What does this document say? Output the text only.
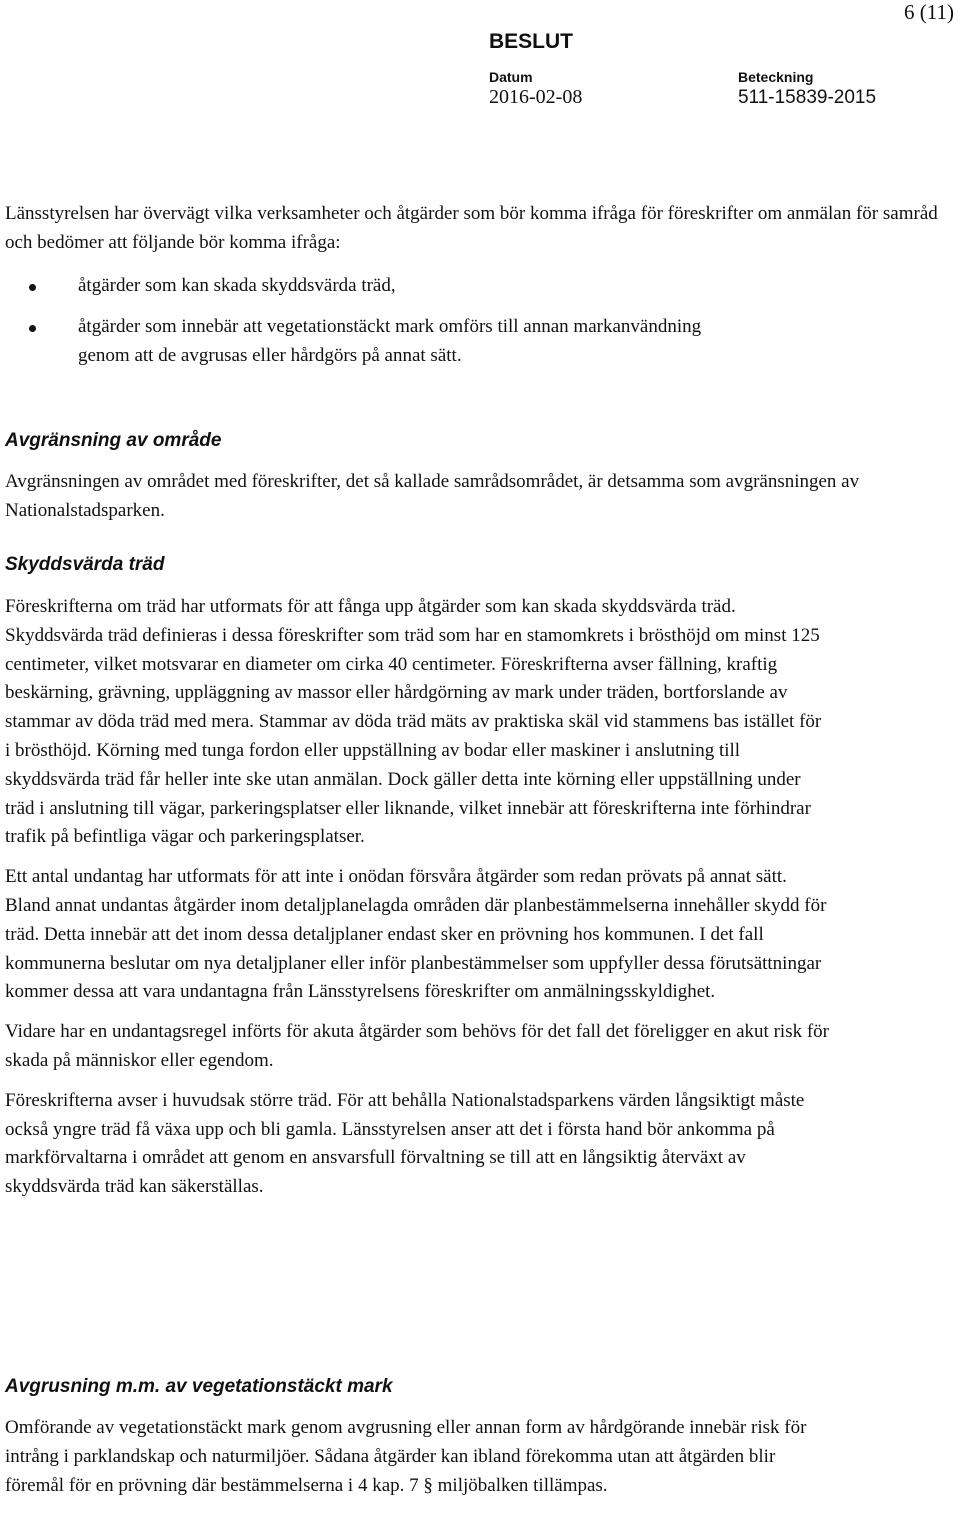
6 (11)
BESLUT
Datum
2016-02-08
Beteckning
511-15839-2015

Länsstyrelsen har övervägt vilka verksamheter och åtgärder som bör komma ifråga för föreskrifter om anmälan för samråd och bedömer att följande bör komma ifråga:

åtgärder som kan skada skyddsvärda träd,
åtgärder som innebär att vegetationstäckt mark omförs till annan markanvändning genom att de avgrusas eller hårdgörs på annat sätt.
Avgränsning av område
Avgränsningen av området med föreskrifter, det så kallade samrådsområdet, är detsamma som avgränsningen av Nationalstadsparken.
Skyddsvärda träd

Föreskrifterna om träd har utformats för att fånga upp åtgärder som kan skada skyddsvärda träd. Skyddsvärda träd definieras i dessa föreskrifter som träd som har en stamomkrets i brösthöjd om minst 125 centimeter, vilket motsvarar en diameter om cirka 40 centimeter. Föreskrifterna avser fällning, kraftig beskärning, grävning, uppläggning av massor eller hårdgörning av mark under träden, bortforslande av stammar av döda träd med mera. Stammar av döda träd mäts av praktiska skäl vid stammens bas istället för i brösthöjd. Körning med tunga fordon eller uppställning av bodar eller maskiner i anslutning till skyddsvärda träd får heller inte ske utan anmälan. Dock gäller detta inte körning eller uppställning under träd i anslutning till vägar, parkeringsplatser eller liknande, vilket innebär att föreskrifterna inte förhindrar trafik på befintliga vägar och parkeringsplatser.

Ett antal undantag har utformats för att inte i onödan försvåra åtgärder som redan prövats på annat sätt. Bland annat undantas åtgärder inom detaljplanelagda områden där planbestämmelserna innehåller skydd för träd. Detta innebär att det inom dessa detaljplaner endast sker en prövning hos kommunen. I det fall kommunerna beslutar om nya detaljplaner eller inför planbestämmelser som uppfyller dessa förutsättningar kommer dessa att vara undantagna från Länsstyrelsens föreskrifter om anmälningsskyldighet.

Vidare har en undantagsregel införts för akuta åtgärder som behövs för det fall det föreligger en akut risk för skada på människor eller egendom.

Föreskrifterna avser i huvudsak större träd. För att behålla Nationalstadsparkens värden långsiktigt måste också yngre träd få växa upp och bli gamla. Länsstyrelsen anser att det i första hand bör ankomma på markförvaltarna i området att genom en ansvarsfull förvaltning se till att en långsiktig återväxt av skyddsvärda träd kan säkerställas.

Avgrusning m.m. av vegetationstäckt mark
Omförande av vegetationstäckt mark genom avgrusning eller annan form av hårdgörande innebär risk för intrång i parklandskap och naturmiljöer. Sådana åtgärder kan ibland förekomma utan att åtgärden blir föremål för en prövning där bestämmelserna i 4 kap. 7 § miljöbalken tillämpas.
